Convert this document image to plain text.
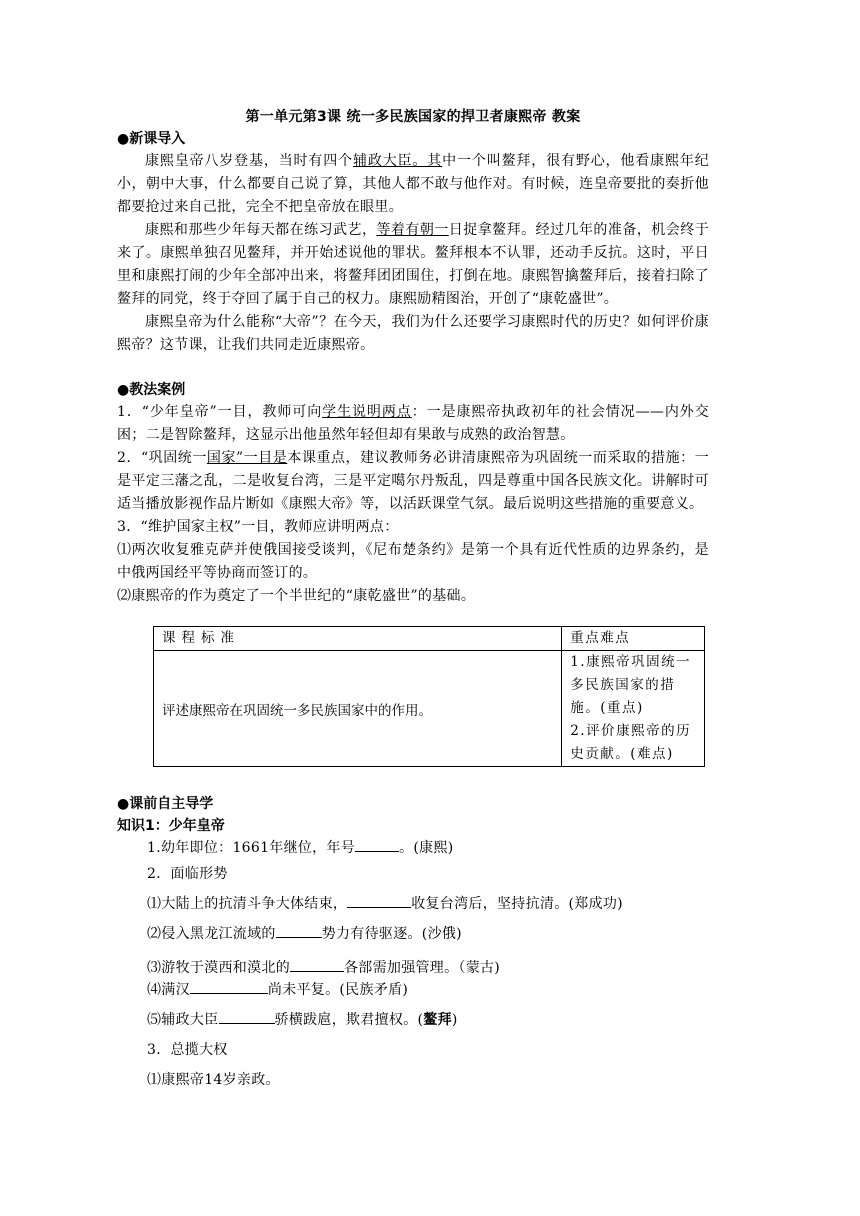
第一单元第3课 统一多民族国家的捍卫者康熙帝 教案

●新课导入

康熙皇帝八岁登基，当时有四个辅政大臣。其中一个叫鳌拜，很有野心，他看康熙年纪小，朝中大事，什么都要自己说了算，其他人都不敢与他作对。有时候，连皇帝要批的奏折他都要抢过来自己批，完全不把皇帝放在眼里。

康熙和那些少年每天都在练习武艺，等着有朝一日捉拿鳌拜。经过几年的准备，机会终于来了。康熙单独召见鳌拜，并开始述说他的罪状。鳌拜根本不认罪，还动手反抗。这时，平日里和康熙打闹的少年全部冲出来，将鳌拜团团围住，打倒在地。康熙智擒鳌拜后，接着扫除了鳌拜的同党，终于夺回了属于自己的权力。康熙励精图治，开创了“康乾盛世”。

康熙皇帝为什么能称“大帝”？在今天，我们为什么还要学习康熙时代的历史？如何评价康熙帝？这节课，让我们共同走近康熙帝。

●教法案例

1．“少年皇帝”一目，教师可向学生说明两点：一是康熙帝执政初年的社会情况——内外交困；二是智除鳌拜，这显示出他虽然年轻但却有果敢与成熟的政治智慧。

2．“巩固统一国家”一目是本课重点，建议教师务必讲清康熙帝为巩固统一而采取的措施：一是平定三藩之乱，二是收复台湾，三是平定噶尔丹叛乱，四是尊重中国各民族文化。讲解时可适当播放影视作品片断如《康熙大帝》等，以活跃课堂气氛。最后说明这些措施的重要意义。

3．“维护国家主权”一目，教师应讲明两点：

⑴两次收复雅克萨并使俄国接受谈判，《尼布楚条约》是第一个具有近代性质的边界条约，是中俄两国经平等协商而签订的。

⑵康熙帝的作为奠定了一个半世纪的“康乾盛世”的基础。

课程标准	重点难点
评述康熙帝在巩固统一多民族国家中的作用。	1.康熙帝巩固统一多民族国家的措施。(重点)
2.评价康熙帝的历史贡献。(难点)
●课前自主导学
知识1：少年皇帝

1.幼年即位：1661年继位，年号	。(康熙)

2．面临形势

⑴大陆上的抗清斗争大体结束，	收复台湾后，坚持抗清。(郑成功)

⑵侵入黑龙江流域的	势力有待驱逐。(沙俄)

⑶游牧于漠西和漠北的	各部需加强管理。（蒙古)

⑷满汉	尚未平复。(民族矛盾)

⑸辅政大臣	骄横跋扈，欺君擅权。(鳌拜)

3．总揽大权

⑴康熙帝14岁亲政。
